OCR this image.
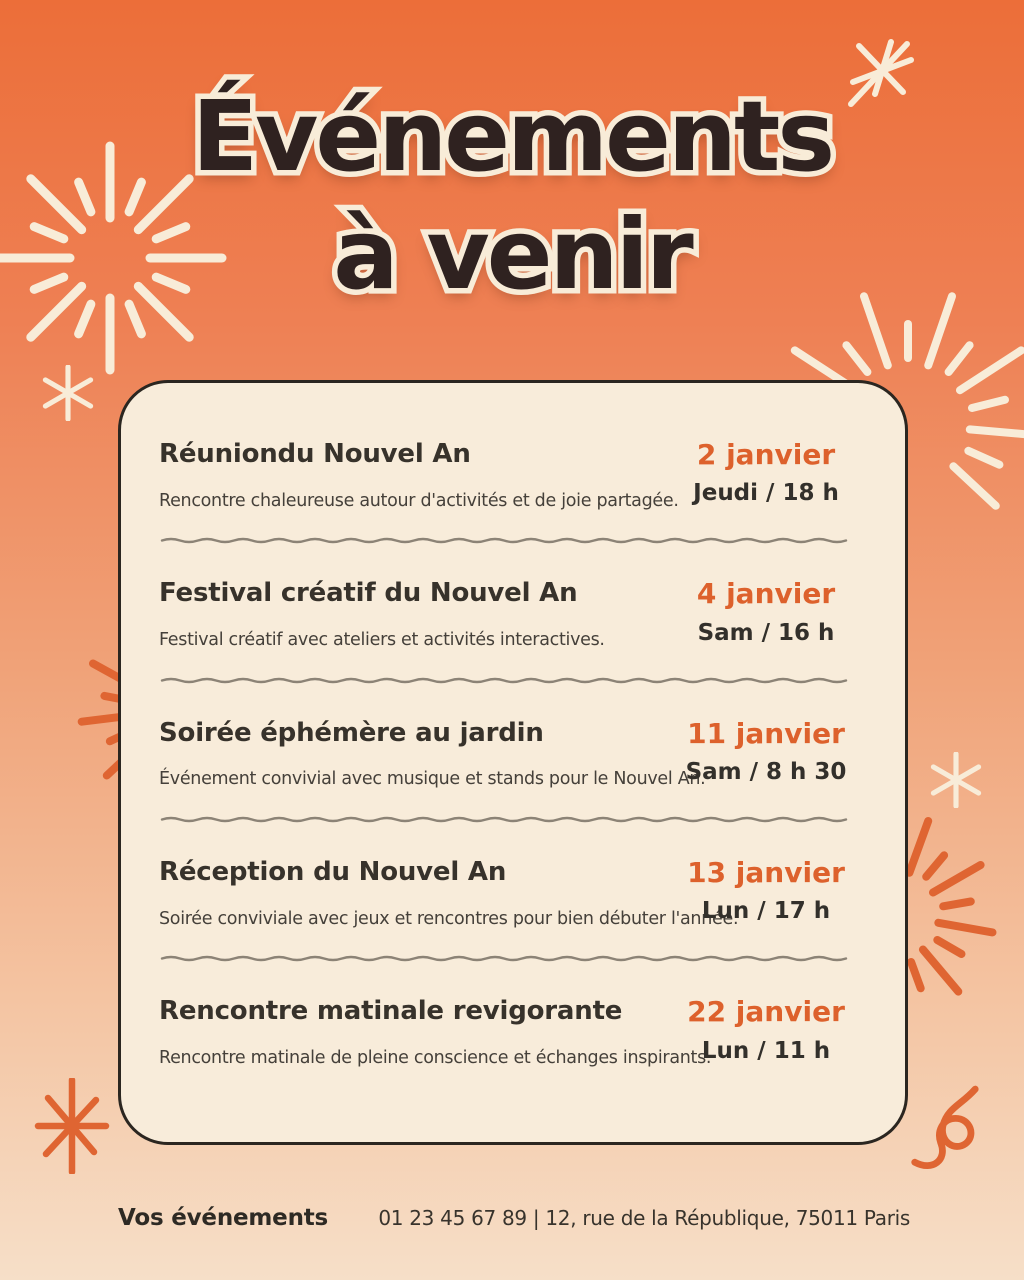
Événements Événements
à venir à venir
Réuniondu Nouvel An

Rencontre chaleureuse autour d'activités et de joie partagée.

2 janvier

Jeudi / 18 h

Festival créatif du Nouvel An

Festival créatif avec ateliers et activités interactives.

4 janvier

Sam / 16 h

Soirée éphémère au jardin

Événement convivial avec musique et stands pour le Nouvel An.

11 janvier

Sam / 8 h 30

Réception du Nouvel An

Soirée conviviale avec jeux et rencontres pour bien débuter l'année.

13 janvier

Lun / 17 h

Rencontre matinale revigorante

Rencontre matinale de pleine conscience et échanges inspirants.

22 janvier

Lun / 11 h

Vos événements	01 23 45 67 89 | 12, rue de la République, 75011 Paris
